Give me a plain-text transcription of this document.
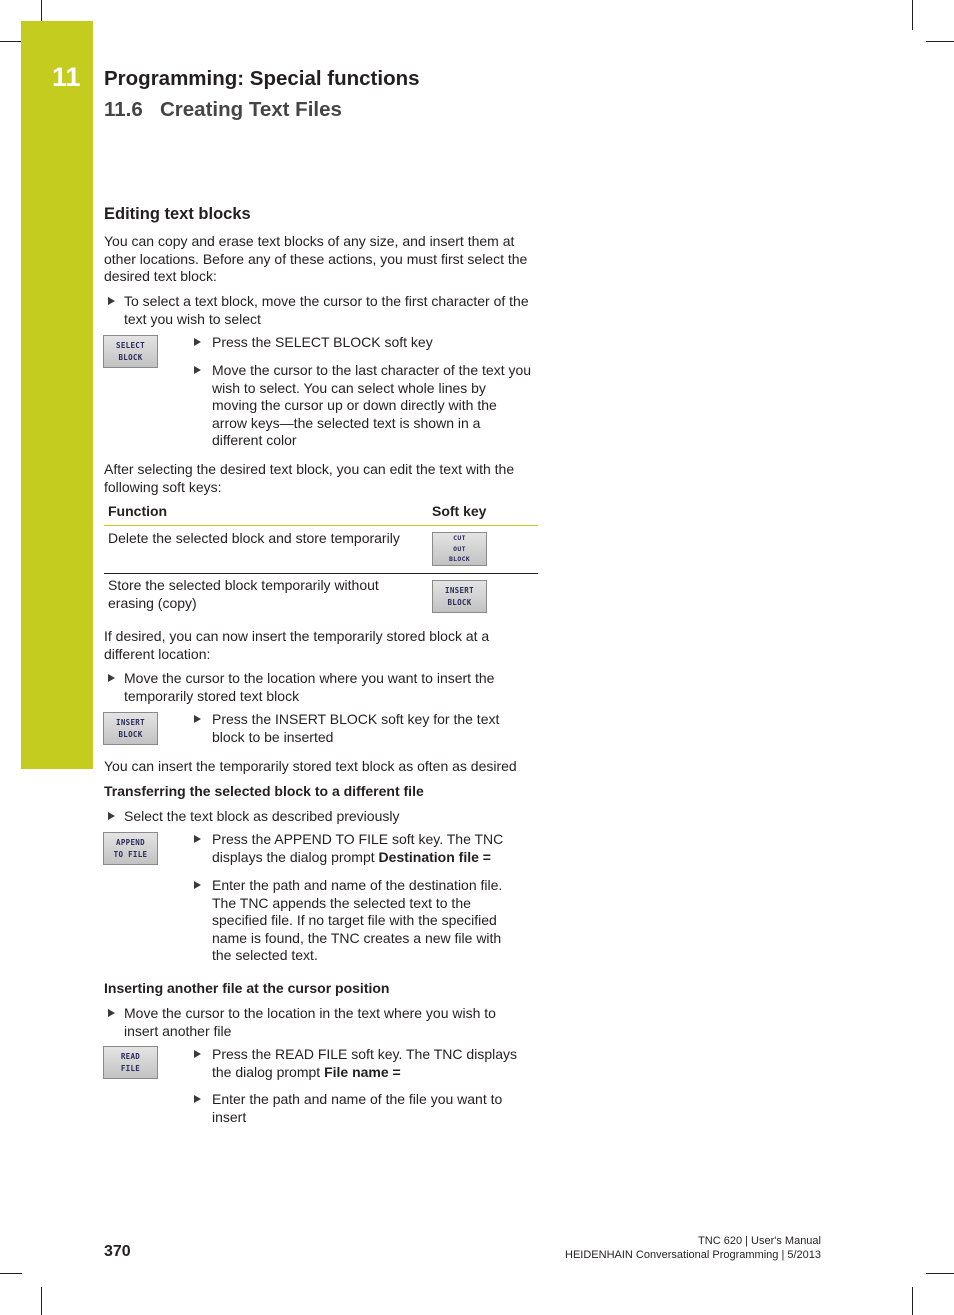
11 Programming: Special functions
11.6 Creating Text Files
Editing text blocks
You can copy and erase text blocks of any size, and insert them at other locations. Before any of these actions, you must first select the desired text block:
To select a text block, move the cursor to the first character of the text you wish to select
SELECT
BLOCK
Press the SELECT BLOCK soft key
Move the cursor to the last character of the text you wish to select. You can select whole lines by moving the cursor up or down directly with the arrow keys—the selected text is shown in a different color
After selecting the desired text block, you can edit the text with the following soft keys:
Function	Soft key
Delete the selected block and store temporarily	CUT
OUT
BLOCK
Store the selected block temporarily without erasing (copy)
INSERT
BLOCK
If desired, you can now insert the temporarily stored block at a different location:
Move the cursor to the location where you want to insert the temporarily stored text block
INSERT
BLOCK
Press the INSERT BLOCK soft key for the text block to be inserted
You can insert the temporarily stored text block as often as desired
Transferring the selected block to a different file
Select the text block as described previously
APPEND
TO FILE
Press the APPEND TO FILE soft key. The TNC displays the dialog prompt Destination file =
Enter the path and name of the destination file. The TNC appends the selected text to the specified file. If no target file with the specified name is found, the TNC creates a new file with the selected text.
Inserting another file at the cursor position
Move the cursor to the location in the text where you wish to insert another file
READ
FILE
Press the READ FILE soft key. The TNC displays the dialog prompt File name =
Enter the path and name of the file you want to insert
370
TNC 620 | User's Manual
HEIDENHAIN Conversational Programming | 5/2013
